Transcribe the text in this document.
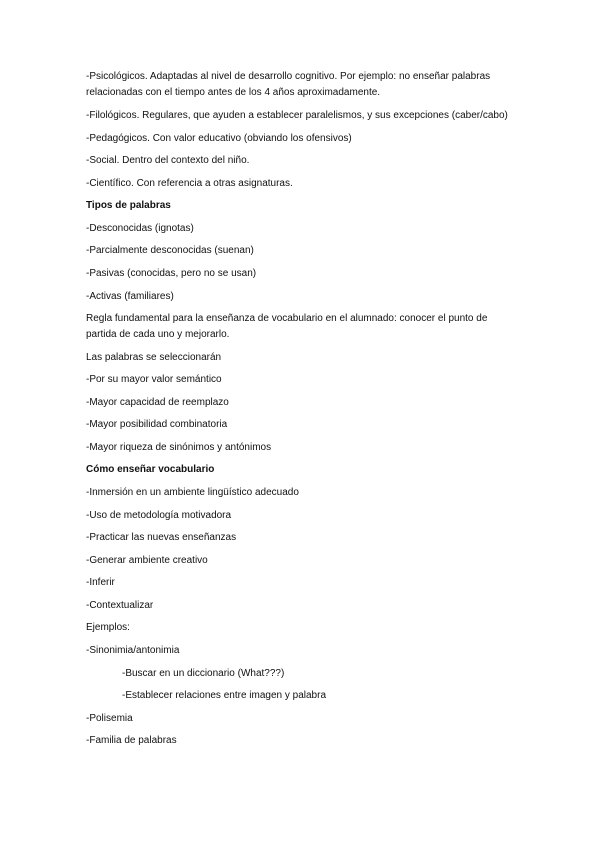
-Psicológicos. Adaptadas al nivel de desarrollo cognitivo. Por ejemplo: no enseñar palabras relacionadas con el tiempo antes de los 4 años aproximadamente.
-Filológicos. Regulares, que ayuden a establecer paralelismos, y sus excepciones (caber/cabo)
-Pedagógicos. Con valor educativo (obviando los ofensivos)
-Social. Dentro del contexto del niño.
-Científico. Con referencia a otras asignaturas.
Tipos de palabras
-Desconocidas (ignotas)
-Parcialmente desconocidas (suenan)
-Pasivas (conocidas, pero no se usan)
-Activas (familiares)
Regla fundamental para la enseñanza de vocabulario en el alumnado: conocer el punto de partida de cada uno y mejorarlo.
Las palabras se seleccionarán
-Por su mayor valor semántico
-Mayor capacidad de reemplazo
-Mayor posibilidad combinatoria
-Mayor riqueza de sinónimos y antónimos
Cómo enseñar vocabulario
-Inmersión en un ambiente lingüístico adecuado
-Uso de metodología motivadora
-Practicar las nuevas enseñanzas
-Generar ambiente creativo
-Inferir
-Contextualizar
Ejemplos:
-Sinonimia/antonimia
-Buscar en un diccionario (What???)
-Establecer relaciones entre imagen y palabra
-Polisemia
-Familia de palabras
